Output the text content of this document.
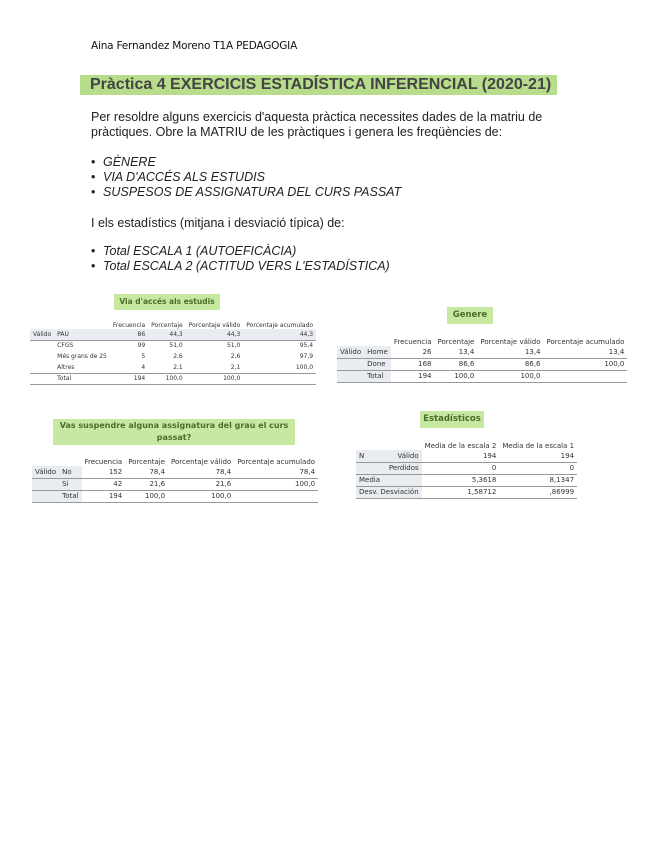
Aina Fernandez Moreno T1A PEDAGOGIA
Pràctica 4 EXERCICIS ESTADÍSTICA INFERENCIAL (2020-21)
Per resoldre alguns exercicis d'aquesta pràctica necessites dades de la matriu de pràctiques. Obre la MATRIU de les pràctiques i genera les freqüències de:
• GÈNERE
• VIA D'ACCÉS ALS ESTUDIS
• SUSPESOS DE ASSIGNATURA DEL CURS PASSAT
I els estadístics (mitjana i desviació típica) de:
• Total ESCALA 1 (AUTOEFICÀCIA)
• Total ESCALA 2 (ACTITUD VERS L'ESTADÍSTICA)
Via d'accés als estudis
		Frecuencia	Porcentaje	Porcentaje válido	Porcentaje acumulado
Válido	PAU	86	44,3	44,3	44,3
	CFGS	99	51,0	51,0	95,4
	Més grans de 25	5	2,6	2,6	97,9
	Altres	4	2,1	2,1	100,0
	Total	194	100,0	100,0	
Genere
		Frecuencia	Porcentaje	Porcentaje válido	Porcentaje acumulado
Válido	Home	26	13,4	13,4	13,4
	Done	168	86,6	86,6	100,0
	Total	194	100,0	100,0	
Vas suspendre alguna assignatura del grau el curs passat?
		Frecuencia	Porcentaje	Porcentaje válido	Porcentaje acumulado
Válido	No	152	78,4	78,4	78,4
	Si	42	21,6	21,6	100,0
	Total	194	100,0	100,0	
Estadísticos
		Media de la escala 2	Media de la escala 1
N	Válido	194	194
	Perdidos	0	0
Media		5,3618	8,1347
Desv. Desviación		1,58712	,86999
